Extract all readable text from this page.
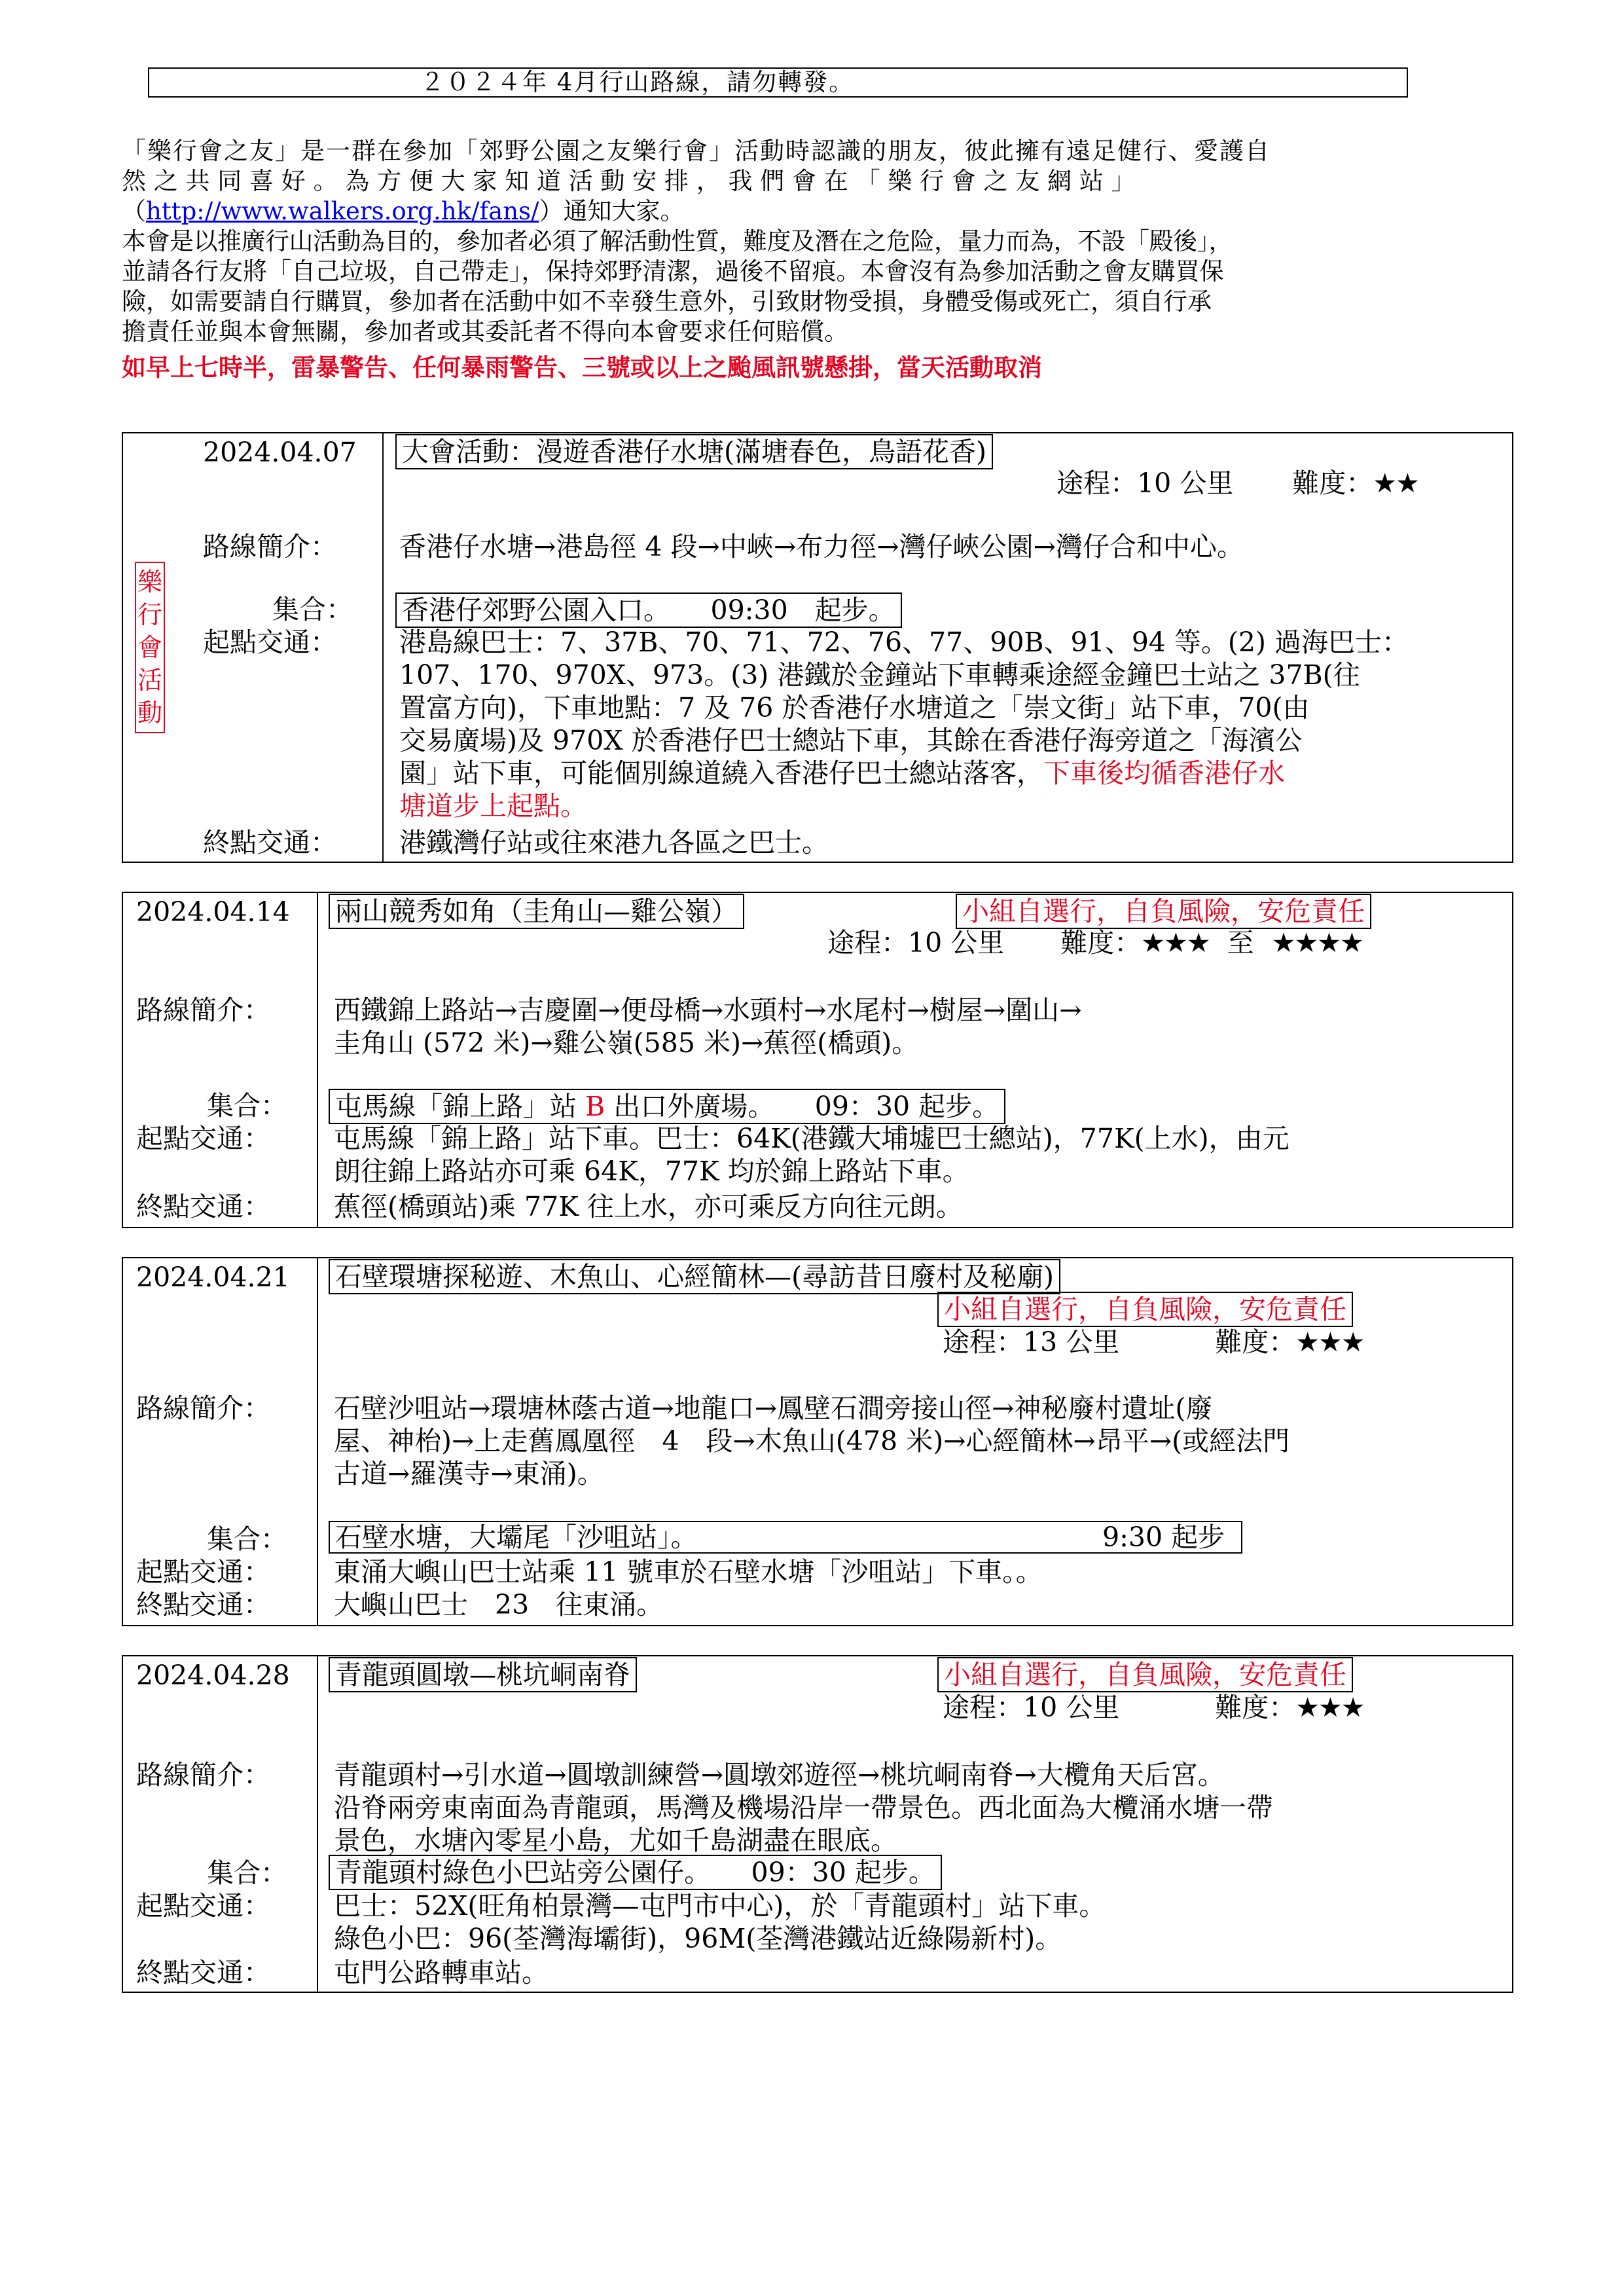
２０２４年 4月行山路線，請勿轉發。
「樂行會之友」是一群在參加「郊野公園之友樂行會」活動時認識的朋友，彼此擁有遠足健行、愛護自
然 之 共 同 喜 好 。 為 方 便 大 家 知 道 活 動 安 排 ， 我 們 會 在 「 樂 行 會 之 友 網 站 」
（http://www.walkers.org.hk/fans/）通知大家。
本會是以推廣行山活動為目的，參加者必須了解活動性質，難度及潛在之危险，量力而為，不設「殿後」，
並請各行友將「自己垃圾，自己帶走」，保持郊野清潔，過後不留痕。本會沒有為參加活動之會友購買保
險，如需要請自行購買，參加者在活動中如不幸發生意外，引致財物受損，身體受傷或死亡，須自行承
擔責任並與本會無關，參加者或其委託者不得向本會要求任何賠償。
如早上七時半，雷暴警告、任何暴雨警告、三號或以上之颱風訊號懸掛，當天活動取消
2024.04.07 大會活動：漫遊香港仔水塘(滿塘春色，鳥語花香)
途程：10 公里 難度：★★
樂
行
會
活
動
路線簡介： 香港仔水塘→港島徑 4 段→中峽→布力徑→灣仔峽公園→灣仔合和中心。
集合： 香港仔郊野公園入口。　　09:30　起步。
起點交通： 港島線巴士：7、37B、70、71、72、76、77、90B、91、94 等。(2) 過海巴士：
107、170、970X、973。(3) 港鐵於金鐘站下車轉乘途經金鐘巴士站之 37B(往
置富方向)，下車地點：7 及 76 於香港仔水塘道之「崇文街」站下車，70(由
交易廣場)及 970X 於香港仔巴士總站下車，其餘在香港仔海旁道之「海濱公
園」站下車，可能個別線道繞入香港仔巴士總站落客，下車後均循香港仔水
塘道步上起點。
終點交通： 港鐵灣仔站或往來港九各區之巴士。
2024.04.14 兩山競秀如角（圭角山—雞公嶺）	小組自選行，自負風險，安危責任
途程：10 公里 難度：★★★ 至 ★★★★
路線簡介： 西鐵錦上路站→吉慶圍→便母橋→水頭村→水尾村→樹屋→圍山→
圭角山 (572 米)→雞公嶺(585 米)→蕉徑(橋頭)。
集合： 屯馬線「錦上路」站 B 出口外廣場。　　09：30 起步。
起點交通： 屯馬線「錦上路」站下車。巴士：64K(港鐵大埔墟巴士總站)，77K(上水)，由元
朗往錦上路站亦可乘 64K，77K 均於錦上路站下車。
終點交通： 蕉徑(橋頭站)乘 77K 往上水，亦可乘反方向往元朗。
2024.04.21 石壁環塘探秘遊、木魚山、心經簡林—(尋訪昔日廢村及秘廟)
小組自選行，自負風險，安危責任
途程：13 公里	難度：★★★
路線簡介： 石壁沙咀站→環塘林蔭古道→地龍口→鳳壁石澗旁接山徑→神秘廢村遺址(廢
屋、神枱)→上走舊鳳凰徑　4　段→木魚山(478 米)→心經簡林→昂平→(或經法門
古道→羅漢寺→東涌)。
集合： 石壁水塘，大壩尾「沙咀站」。	9:30 起步
起點交通： 東涌大嶼山巴士站乘 11 號車於石壁水塘「沙咀站」下車。。
終點交通： 大嶼山巴士　23　往東涌。
2024.04.28 青龍頭圓墩—桃坑峒南脊	小組自選行，自負風險，安危責任
途程：10 公里	難度：★★★
路線簡介： 青龍頭村→引水道→圓墩訓練營→圓墩郊遊徑→桃坑峒南脊→大欖角天后宮。
沿脊兩旁東南面為青龍頭，馬灣及機場沿岸一帶景色。西北面為大欖涌水塘一帶
景色，水塘內零星小島，尤如千島湖盡在眼底。
集合： 青龍頭村綠色小巴站旁公園仔。　　09：30 起步。
起點交通： 巴士：52X(旺角柏景灣—屯門市中心)，於「青龍頭村」站下車。
綠色小巴：96(荃灣海壩街)，96M(荃灣港鐵站近綠陽新村)。
終點交通： 屯門公路轉車站。
